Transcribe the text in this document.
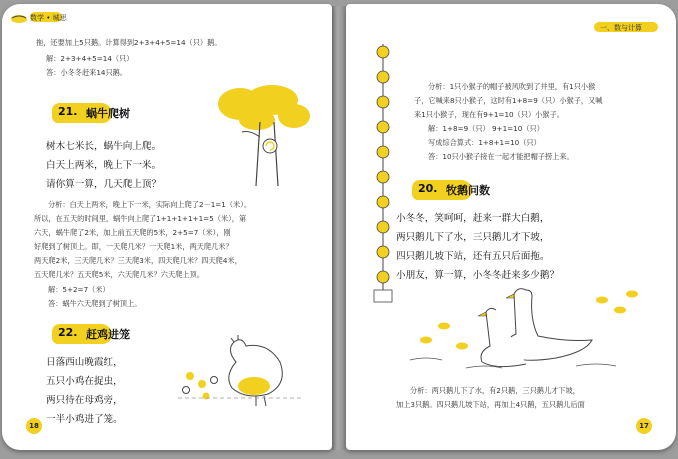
数学 • 城思
拖，还要加上5只鹅。计算得到2+3+4+5=14（只）鹅。
解：2+3+4+5=14（只）
答：小冬冬赶来14只鹅。
21. 蜗牛爬树
树木七米长，蜗牛向上爬。
白天上两米，晚上下一米。
请你算一算，几天爬上顶？
分析：白天上两米，晚上下一米，实际向上爬了2－1=1（米）。
所以，在五天的时间里，蜗牛向上爬了1+1+1+1+1=5（米），第
六天，蜗牛爬了2米，加上前五天爬的5米，2+5=7（米），刚
好爬到了树顶上。即，一天爬几米？一天爬1米，两天爬几米？
两天爬2米，三天爬几米？三天爬3米，四天爬几米？四天爬4米，
五天爬几米？五天爬5米，六天爬几米？六天爬上顶。
解：5+2=7（米）
答：蜗牛六天爬到了树顶上。
22. 赶鸡进笼
日落西山晚霞红，
五只小鸡在捉虫，
两只待在母鸡旁，
一半小鸡进了笼。
18
一、数与计算
分析：1只小猴子的帽子被风吹到了井里，有1只小猴
子，它喊来8只小猴子，这时有1+8=9（只）小猴子，又喊
来1只小猴子，现在有9+1=10（只）小猴子。
解：1+8=9（只） 9+1=10（只）
写成综合算式：1+8+1=10（只）
答：10只小猴子接在一起才能把帽子捞上来。
20. 牧鹅问数
小冬冬，笑呵呵，赶来一群大白鹅，
两只鹅儿下了水，三只鹅儿才下坡，
四只鹅儿坡下站，还有五只后面拖。
小朋友，算一算，小冬冬赶来多少鹅？
分析：两只鹅儿下了水，有2只鹅，三只鹅儿才下坡，
加上3只鹅。四只鹅儿坡下站，再加上4只鹅，五只鹅儿后面
17
